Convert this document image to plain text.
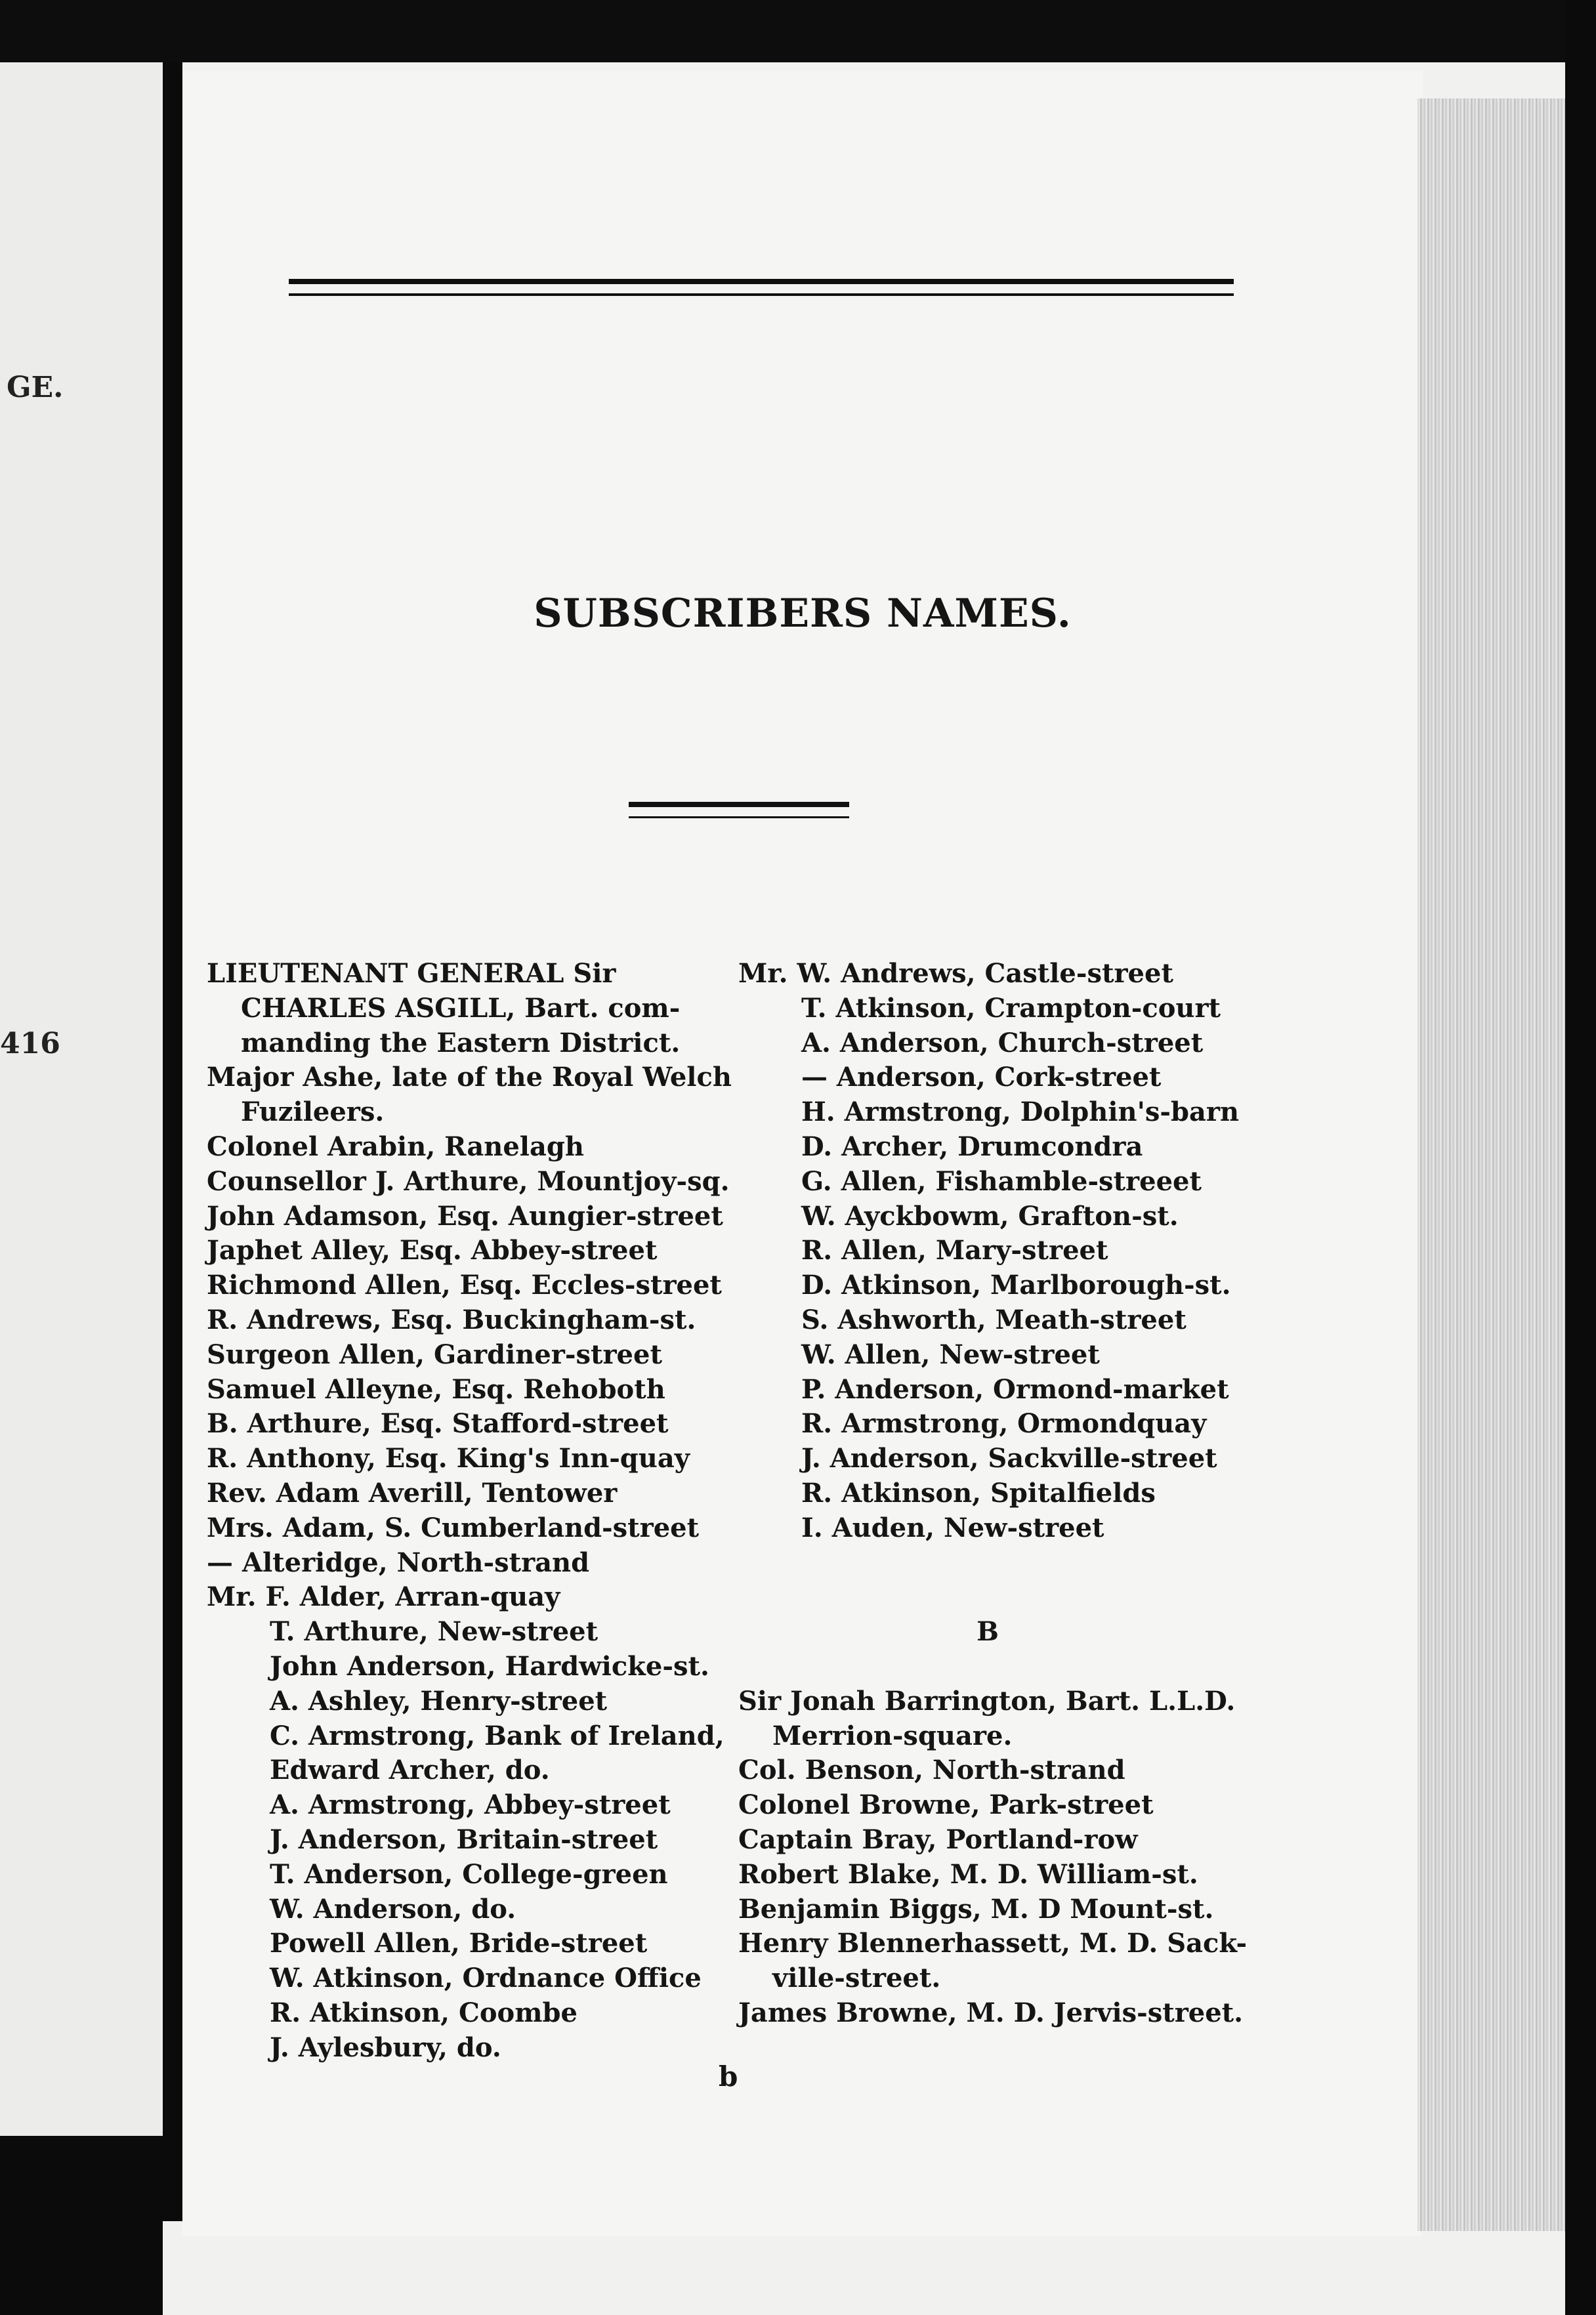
GE.
416
SUBSCRIBERS NAMES.
LIEUTENANT GENERAL Sir
CHARLES ASGILL, Bart. com-
manding the Eastern District.
Major Ashe, late of the Royal Welch
Fuzileers.
Colonel Arabin, Ranelagh
Counsellor J. Arthure, Mountjoy-sq.
John Adamson, Esq. Aungier-street
Japhet Alley, Esq. Abbey-street
Richmond Allen, Esq. Eccles-street
R. Andrews, Esq. Buckingham-st.
Surgeon Allen, Gardiner-street
Samuel Alleyne, Esq. Rehoboth
B. Arthure, Esq. Stafford-street
R. Anthony, Esq. King's Inn-quay
Rev. Adam Averill, Tentower
Mrs. Adam, S. Cumberland-street
— Alteridge, North-strand
Mr. F. Alder, Arran-quay
T. Arthure, New-street
John Anderson, Hardwicke-st.
A. Ashley, Henry-street
C. Armstrong, Bank of Ireland,
Edward Archer, do.
A. Armstrong, Abbey-street
J. Anderson, Britain-street
T. Anderson, College-green
W. Anderson, do.
Powell Allen, Bride-street
W. Atkinson, Ordnance Office
R. Atkinson, Coombe
J. Aylesbury, do.
Mr. W. Andrews, Castle-street
T. Atkinson, Crampton-court
A. Anderson, Church-street
— Anderson, Cork-street
H. Armstrong, Dolphin's-barn
D. Archer, Drumcondra
G. Allen, Fishamble-streeet
W. Ayckbowm, Grafton-st.
R. Allen, Mary-street
D. Atkinson, Marlborough-st.
S. Ashworth, Meath-street
W. Allen, New-street
P. Anderson, Ormond-market
R. Armstrong, Ormondquay
J. Anderson, Sackville-street
R. Atkinson, Spitalfields
I. Auden, New-street
B
Sir Jonah Barrington, Bart. L.L.D.
Merrion-square.
Col. Benson, North-strand
Colonel Browne, Park-street
Captain Bray, Portland-row
Robert Blake, M. D. William-st.
Benjamin Biggs, M. D Mount-st.
Henry Blennerhassett, M. D. Sack-
ville-street.
James Browne, M. D. Jervis-street.
b
